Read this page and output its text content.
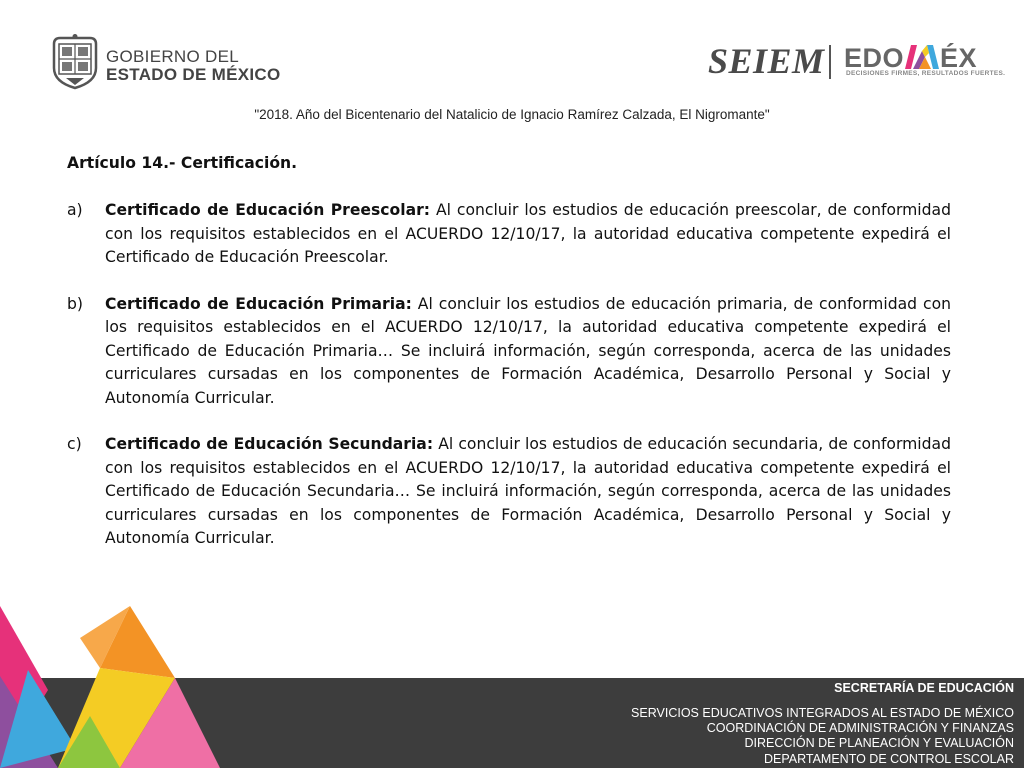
GOBIERNO DEL
ESTADO DE MÉXICO	SEIEM EDO ÉX
DECISIONES FIRMES, RESULTADOS FUERTES.
"2018. Año del Bicentenario del Natalicio de Ignacio Ramírez Calzada, El Nigromante"
Artículo 14.- Certificación.
a) Certificado de Educación Preescolar: Al concluir los estudios de educación preescolar, de conformidad con los requisitos establecidos en el ACUERDO 12/10/17, la autoridad educativa competente expedirá el Certificado de Educación Preescolar.
b) Certificado de Educación Primaria: Al concluir los estudios de educación primaria, de conformidad con los requisitos establecidos en el ACUERDO 12/10/17, la autoridad educativa competente expedirá el Certificado de Educación Primaria… Se incluirá información, según corresponda, acerca de las unidades curriculares cursadas en los componentes de Formación Académica, Desarrollo Personal y Social y Autonomía Curricular.
c) Certificado de Educación Secundaria: Al concluir los estudios de educación secundaria, de conformidad con los requisitos establecidos en el ACUERDO 12/10/17, la autoridad educativa competente expedirá el Certificado de Educación Secundaria… Se incluirá información, según corresponda, acerca de las unidades curriculares cursadas en los componentes de Formación Académica, Desarrollo Personal y Social y Autonomía Curricular.
SECRETARÍA DE EDUCACIÓN
SERVICIOS EDUCATIVOS INTEGRADOS AL ESTADO DE MÉXICO
COORDINACIÓN DE ADMINISTRACIÓN Y FINANZAS
DIRECCIÓN DE PLANEACIÓN Y EVALUACIÓN
DEPARTAMENTO DE CONTROL ESCOLAR
